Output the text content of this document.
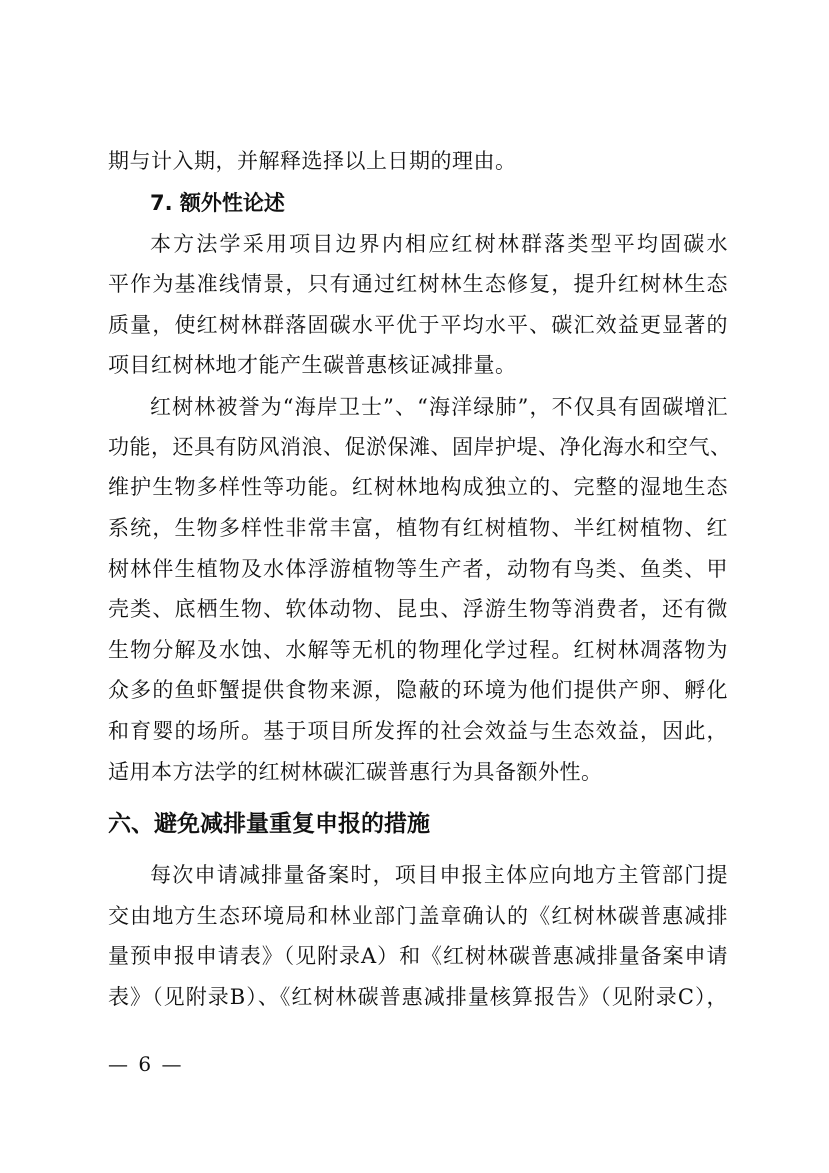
期与计入期，并解释选择以上日期的理由。
7. 额外性论述
本方法学采用项目边界内相应红树林群落类型平均固碳水
平作为基准线情景，只有通过红树林生态修复，提升红树林生态
质量，使红树林群落固碳水平优于平均水平、碳汇效益更显著的
项目红树林地才能产生碳普惠核证减排量。
红树林被誉为“海岸卫士”、“海洋绿肺”，不仅具有固碳增汇
功能，还具有防风消浪、促淤保滩、固岸护堤、净化海水和空气、
维护生物多样性等功能。红树林地构成独立的、完整的湿地生态
系统，生物多样性非常丰富，植物有红树植物、半红树植物、红
树林伴生植物及水体浮游植物等生产者，动物有鸟类、鱼类、甲
壳类、底栖生物、软体动物、昆虫、浮游生物等消费者，还有微
生物分解及水蚀、水解等无机的物理化学过程。红树林凋落物为
众多的鱼虾蟹提供食物来源，隐蔽的环境为他们提供产卵、孵化
和育婴的场所。基于项目所发挥的社会效益与生态效益，因此，
适用本方法学的红树林碳汇碳普惠行为具备额外性。
六、避免减排量重复申报的措施
每次申请减排量备案时，项目申报主体应向地方主管部门提
交由地方生态环境局和林业部门盖章确认的《红树林碳普惠减排
量预申报申请表》（见附录A）和《红树林碳普惠减排量备案申请
表》（见附录B）、《红树林碳普惠减排量核算报告》（见附录C），
— 6 —
